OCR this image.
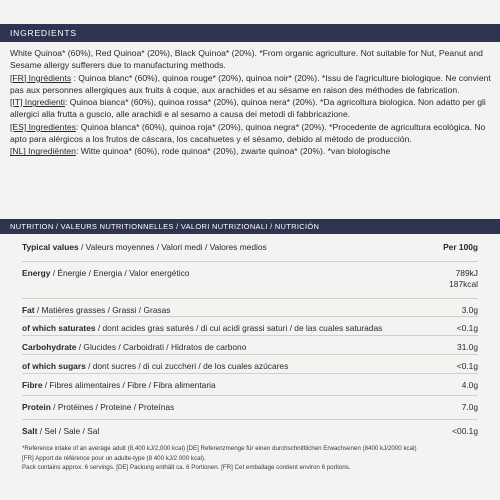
INGREDIENTS

White Quinoa* (60%), Red Quinoa* (20%), Black Quinoa* (20%). *From organic agriculture. Not suitable for Nut, Peanut and Sesame allergy sufferers due to manufacturing methods.

[FR] Ingrédients : Quinoa blanc* (60%), quinoa rouge* (20%), quinoa noir* (20%). *Issu de l'agriculture biologique. Ne convient pas aux personnes allergiques aux fruits à coque, aux arachides et au sésame en raison des méthodes de fabrication.

[IT] Ingredienti: Quinoa bianca* (60%), quinoa rossa* (20%), quinoa nera* (20%). *Da agricoltura biologica. Non adatto per gli allergici alla frutta a guscio, alle arachidi e al sesamo a causa dei metodi di fabbricazione.

[ES] Ingredientes: Quinoa blanca* (60%), quinoa roja* (20%), quinoa negra* (20%). *Procedente de agricultura ecológica. No apto para alérgicos a los frutos de cáscara, los cacahuetes y el sésamo, debido al método de producción.

[NL] Ingrediënten: Witte quinoa* (60%), rode quinoa* (20%), zwarte quinoa* (20%). *van biologische

NUTRITION / VALEURS NUTRITIONNELLES / VALORI NUTRIZIONALI / NUTRICIÓN
Typical values / Valeurs moyennes / Valori medi / Valores medios	Per 100g
Energy / Énergie / Energia / Valor energético	789kJ
187kcal
Fat / Matières grasses / Grassi / Grasas	3.0g
of which saturates / dont acides gras saturés / di cui acidi grassi saturi / de las cuales saturadas	<0.1g
Carbohydrate / Glucides / Carboidrati / Hidratos de carbono	31.0g
of which sugars / dont sucres / di cui zuccheri / de los cuales azúcares	<0.1g
Fibre / Fibres alimentaires / Fibre / Fibra alimentaria	4.0g
Protein / Protéines / Proteine / Proteínas	7.0g
Salt / Sel / Sale / Sal	<00.1g

*Reference intake of an average adult (8,400 kJ/2,000 kcal) [DE] Referenzmenge für einen durchschnittlichen Erwachsenen (8400 kJ/2000 kcal)

[FR] Apport de référence pour un adulte-type (8 400 kJ/2 000 kcal).

Pack contains approx. 6 servings. [DE] Packung enthält ca. 6 Portionen. [FR] Cet emballage contient environ 6 portions.
